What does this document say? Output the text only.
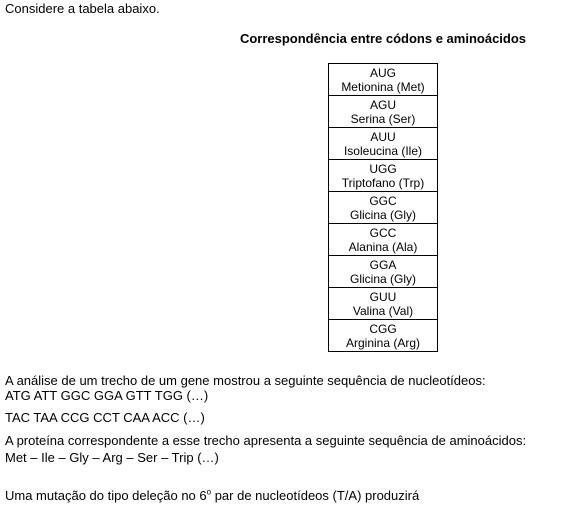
Considere a tabela abaixo.
Correspondência entre códons e aminoácidos
AUG
Metionina (Met)

AGU
Serina (Ser)

AUU
Isoleucina (Ile)

UGG
Triptofano (Trp)

GGC
Glicina (Gly)

GCC
Alanina (Ala)

GGA
Glicina (Gly)

GUU
Valina (Val)

CGG
Arginina (Arg)
A análise de um trecho de um gene mostrou a seguinte sequência de nucleotídeos:
ATG ATT GGC GGA GTT TGG (…)
TAC TAA CCG CCT CAA ACC (…)
A proteína correspondente a esse trecho apresenta a seguinte sequência de aminoácidos:
Met – Ile – Gly – Arg – Ser – Trip (…)
Uma mutação do tipo deleção no 6$^o$ par de nucleotídeos (T/A) produzirá
